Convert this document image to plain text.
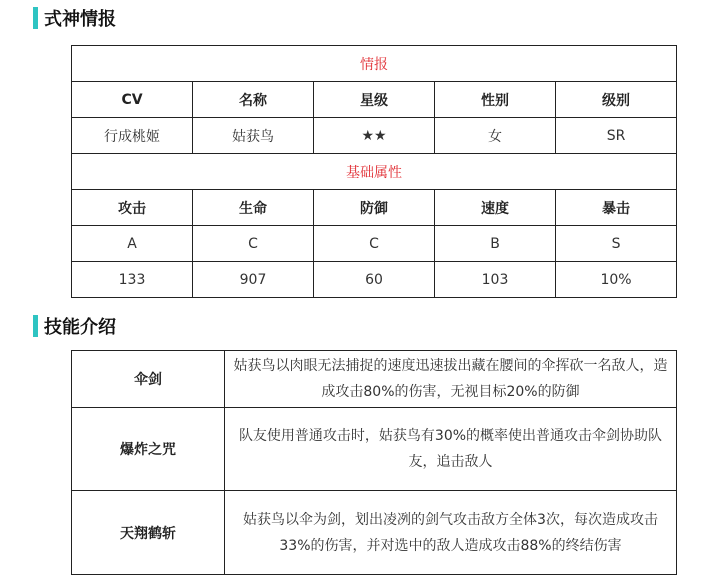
式神情报
情报				
CV	名称	星级	性别	级别
行成桃姬	姑获鸟	★★	女	SR
基础属性				
攻击	生命	防御	速度	暴击
A	C	C	B	S
133	907	60	103	10%
技能介绍
伞剑	姑获鸟以肉眼无法捕捉的速度迅速拔出藏在腰间的伞挥砍一名敌人，造成攻击80%的伤害，无视目标20%的防御
爆炸之咒	队友使用普通攻击时，姑获鸟有30%的概率使出普通攻击伞剑协助队友，追击敌人
天翔鹤斩	姑获鸟以伞为剑，划出凌冽的剑气攻击敌方全体3次，每次造成攻击33%的伤害，并对选中的敌人造成攻击88%的终结伤害
